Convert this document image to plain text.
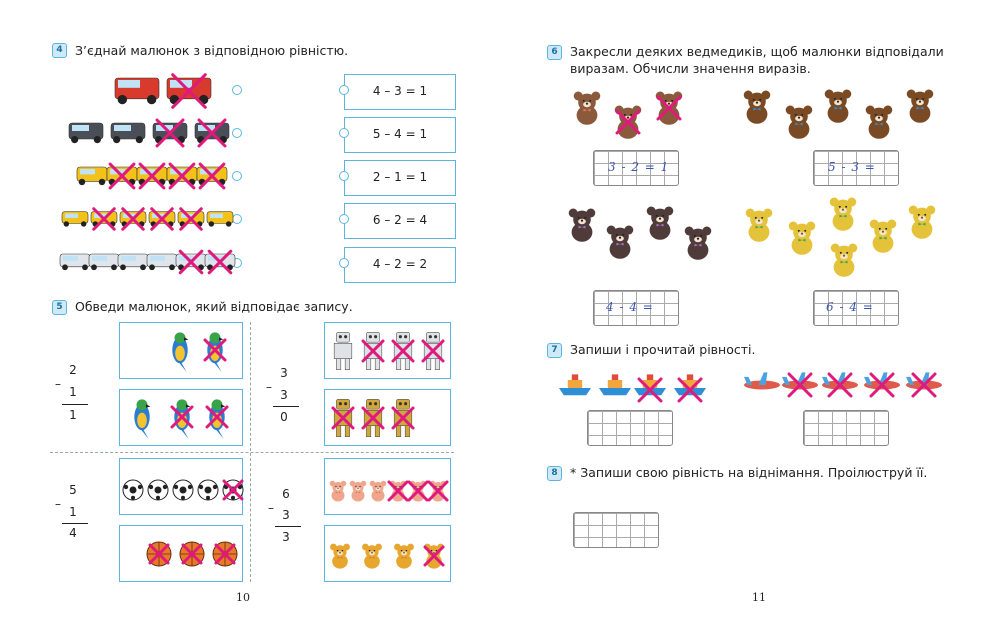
4 З’єднай малюнок з відповідною рівністю.
4 – 3 = 1
5 – 4 = 1
2 – 1 = 1
6 – 2 = 4
4 – 2 = 2
5 Обведи малюнок, який відповідає запису.
2
–
1
1
3
–
3
0
5
–
1
4
6
– 3
3
10
6 Закресли деяких ведмедиків, щоб малюнки відповідали
виразам. Обчисли значення виразів.
3 - 2 = 1	5 - 3 =
4 - 4 =	6 - 4 =
7 Запиши і прочитай рівності.
8 * Запиши свою рівність на віднімання. Проілюструй її.
11
